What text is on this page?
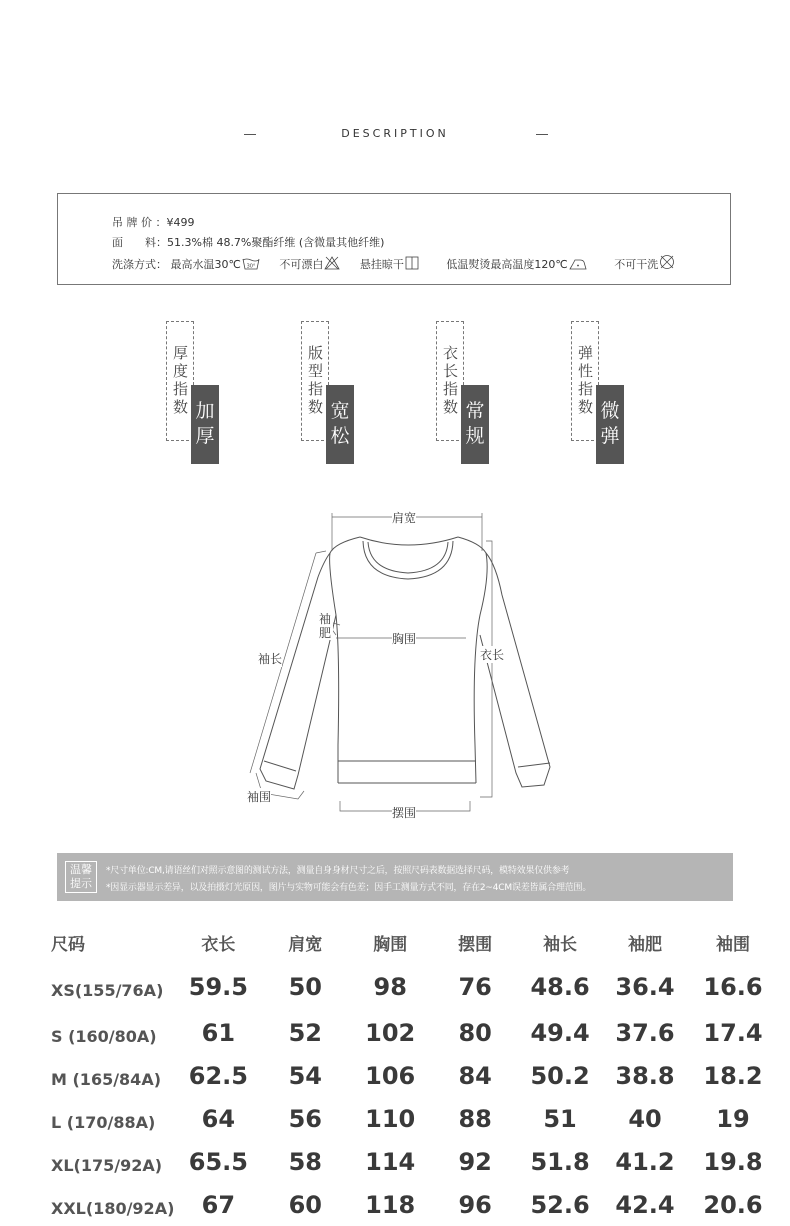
DESCRIPTION
吊 牌 价 ：¥499
面　　料：51.3%棉 48.7%聚酯纤维 (含微量其他纤维)
洗涤方式： 最高水温30℃ 30° 不可漂白	悬挂晾干	低温熨烫最高温度120℃	不可干洗
厚度指数 加厚
版型指数 宽松
衣长指数 常规
弹性指数 微弹
肩宽
袖肥	胸围
袖长	衣长
袖围
摆围
温馨
提示
*尺寸单位:CM,请语丝们对照示意图的测试方法，测量自身身材尺寸之后，按照尺码表数据选择尺码，模特效果仅供参考
*因显示器显示差异，以及拍摄灯光原因，图片与实物可能会有色差；因手工测量方式不同，存在2~4CM误差皆属合理范围。
尺码	衣长	肩宽	胸围	摆围	袖长	袖肥	袖围
XS(155/76A)	59.5	50	98	76	48.6	36.4	16.6
S (160/80A)	61	52	102	80	49.4	37.6	17.4
M (165/84A)	62.5	54	106	84	50.2	38.8	18.2
L (170/88A)	64	56	110	88	51	40	19
XL(175/92A)	65.5	58	114	92	51.8	41.2	19.8
XXL(180/92A)	67	60	118	96	52.6	42.4	20.6
